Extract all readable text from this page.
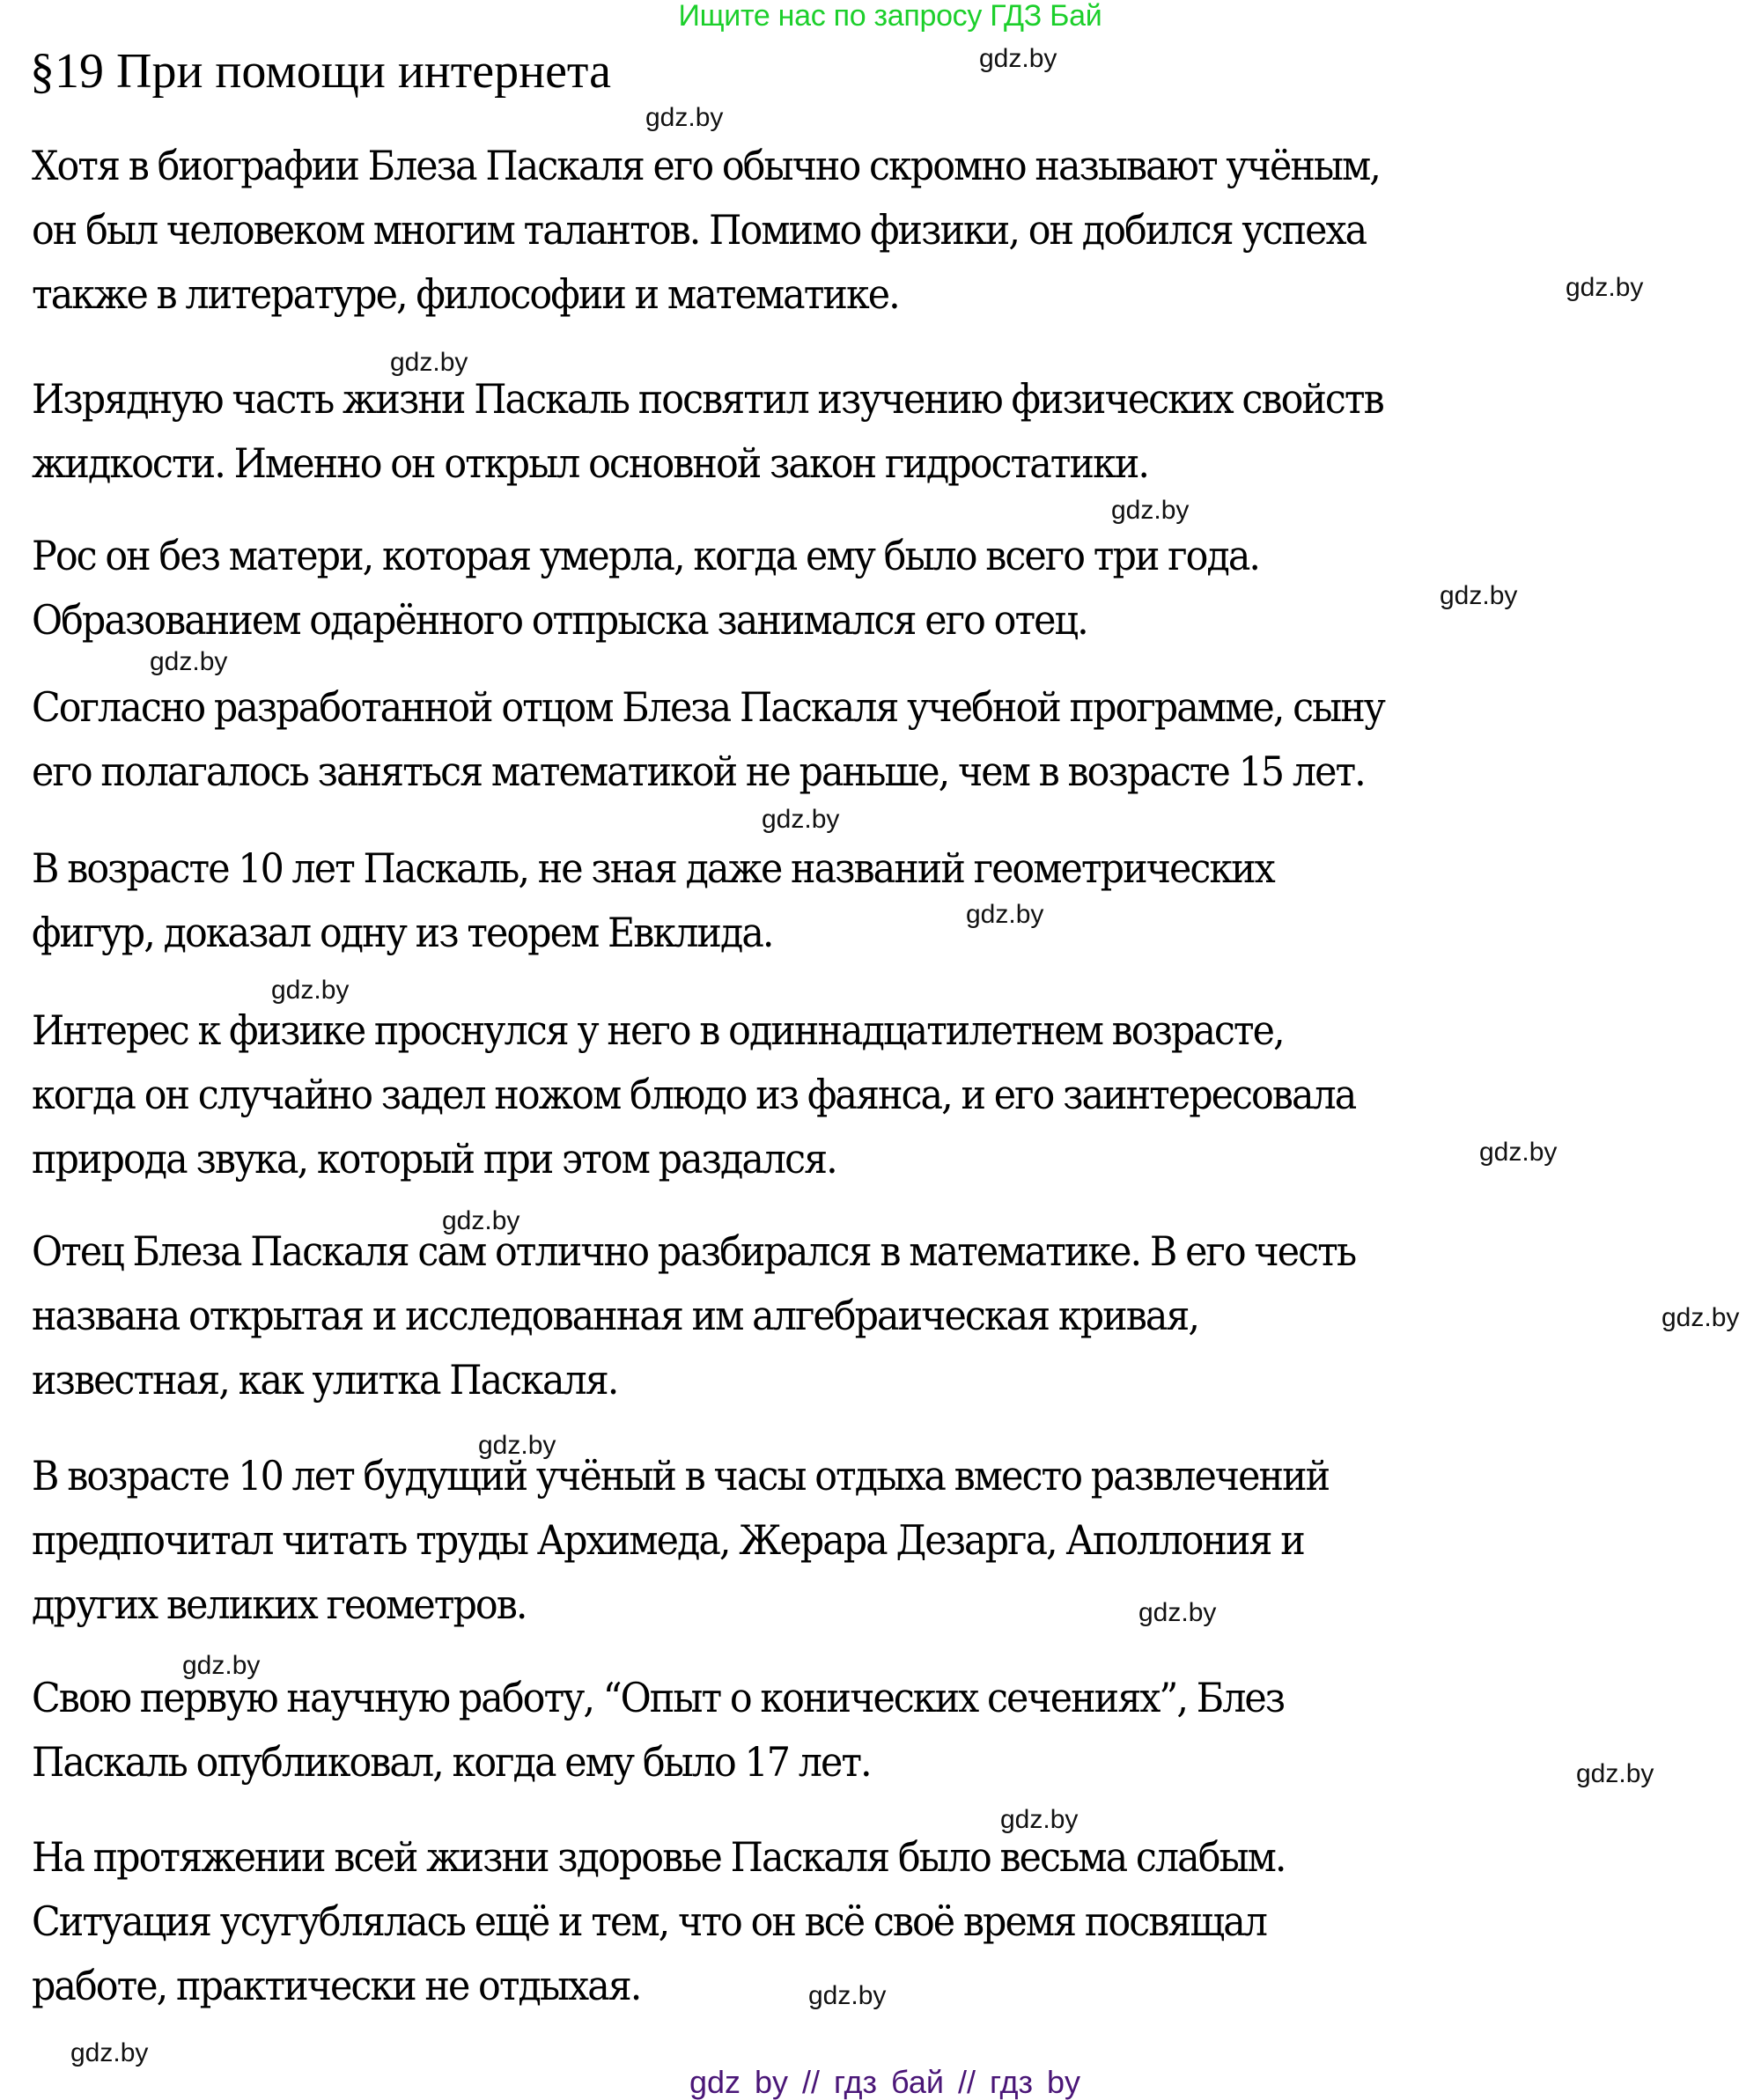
Ищите нас по запросу ГДЗ Бай
§19 При помощи интернета
Хотя в биографии Блеза Паскаля его обычно скромно называют учёным,
он был человеком многим талантов. Помимо физики, он добился успеха
также в литературе, философии и математике.
Изрядную часть жизни Паскаль посвятил изучению физических свойств
жидкости. Именно он открыл основной закон гидростатики.
Рос он без матери, которая умерла, когда ему было всего три года.
Образованием одарённого отпрыска занимался его отец.
Согласно разработанной отцом Блеза Паскаля учебной программе, сыну
его полагалось заняться математикой не раньше, чем в возрасте 15 лет.
В возрасте 10 лет Паскаль, не зная даже названий геометрических
фигур, доказал одну из теорем Евклида.
Интерес к физике проснулся у него в одиннадцатилетнем возрасте,
когда он случайно задел ножом блюдо из фаянса, и его заинтересовала
природа звука, который при этом раздался.
Отец Блеза Паскаля сам отлично разбирался в математике. В его честь
названа открытая и исследованная им алгебраическая кривая,
известная, как улитка Паскаля.
В возрасте 10 лет будущий учёный в часы отдыха вместо развлечений
предпочитал читать труды Архимеда, Жерара Дезарга, Аполлония и
других великих геометров.
Свою первую научную работу, “Опыт о конических сечениях”, Блез
Паскаль опубликовал, когда ему было 17 лет.
На протяжении всей жизни здоровье Паскаля было весьма слабым.
Ситуация усугублялась ещё и тем, что он всё своё время посвящал
работе, практически не отдыхая.
gdz.by
gdz.by
gdz.by
gdz.by
gdz.by
gdz.by
gdz.by
gdz.by
gdz.by
gdz.by
gdz.by
gdz.by
gdz.by
gdz.by
gdz.by
gdz.by
gdz.by
gdz.by
gdz.by
gdz.by
gdz by // гдз бай // гдз by
